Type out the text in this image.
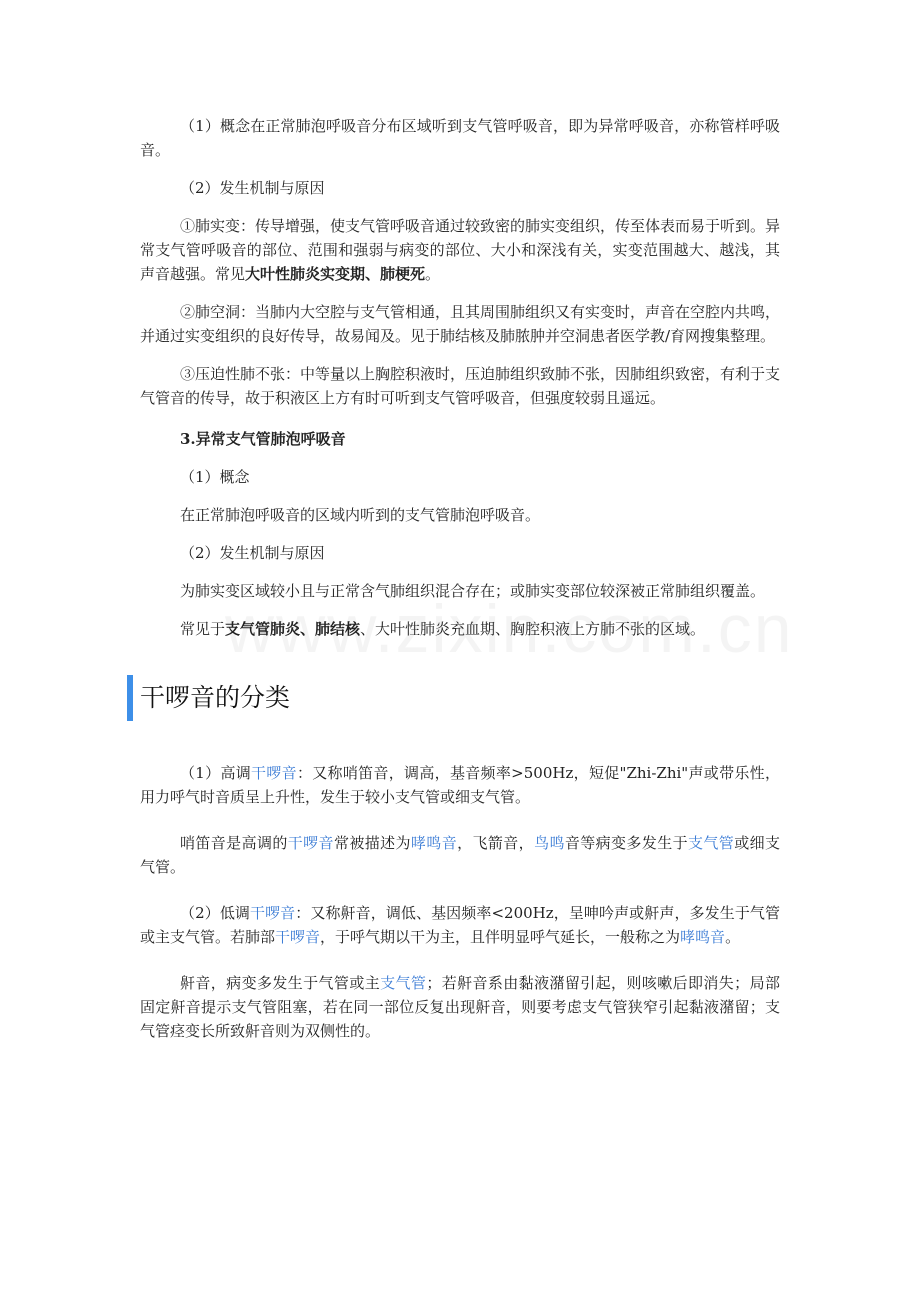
（1）概念在正常肺泡呼吸音分布区域听到支气管呼吸音，即为异常呼吸音，亦称管样呼吸音。

（2）发生机制与原因

①肺实变：传导增强，使支气管呼吸音通过较致密的肺实变组织，传至体表而易于听到。异常支气管呼吸音的部位、范围和强弱与病变的部位、大小和深浅有关，实变范围越大、越浅，其声音越强。常见大叶性肺炎实变期、肺梗死。

②肺空洞：当肺内大空腔与支气管相通，且其周围肺组织又有实变时，声音在空腔内共鸣，并通过实变组织的良好传导，故易闻及。见于肺结核及肺脓肿并空洞患者医学教/育网搜集整理。

③压迫性肺不张：中等量以上胸腔积液时，压迫肺组织致肺不张，因肺组织致密，有利于支气管音的传导，故于积液区上方有时可听到支气管呼吸音，但强度较弱且遥远。

3.异常支气管肺泡呼吸音

（1）概念

在正常肺泡呼吸音的区域内听到的支气管肺泡呼吸音。

（2）发生机制与原因

为肺实变区域较小且与正常含气肺组织混合存在；或肺实变部位较深被正常肺组织覆盖。

常见于支气管肺炎、肺结核、大叶性肺炎充血期、胸腔积液上方肺不张的区域。

干啰音的分类

（1）高调干啰音：又称哨笛音，调高，基音频率>500Hz，短促"Zhi-Zhi"声或带乐性，用力呼气时音质呈上升性，发生于较小支气管或细支气管。

哨笛音是高调的干啰音常被描述为哮鸣音，飞箭音，鸟鸣音等病变多发生于支气管或细支气管。

（2）低调干啰音：又称鼾音，调低、基因频率<200Hz，呈呻吟声或鼾声，多发生于气管或主支气管。若肺部干啰音，于呼气期以干为主，且伴明显呼气延长，一般称之为哮鸣音。

鼾音，病变多发生于气管或主支气管；若鼾音系由黏液潴留引起，则咳嗽后即消失；局部固定鼾音提示支气管阻塞，若在同一部位反复出现鼾音，则要考虑支气管狭窄引起黏液潴留；支气管痉变长所致鼾音则为双侧性的。
